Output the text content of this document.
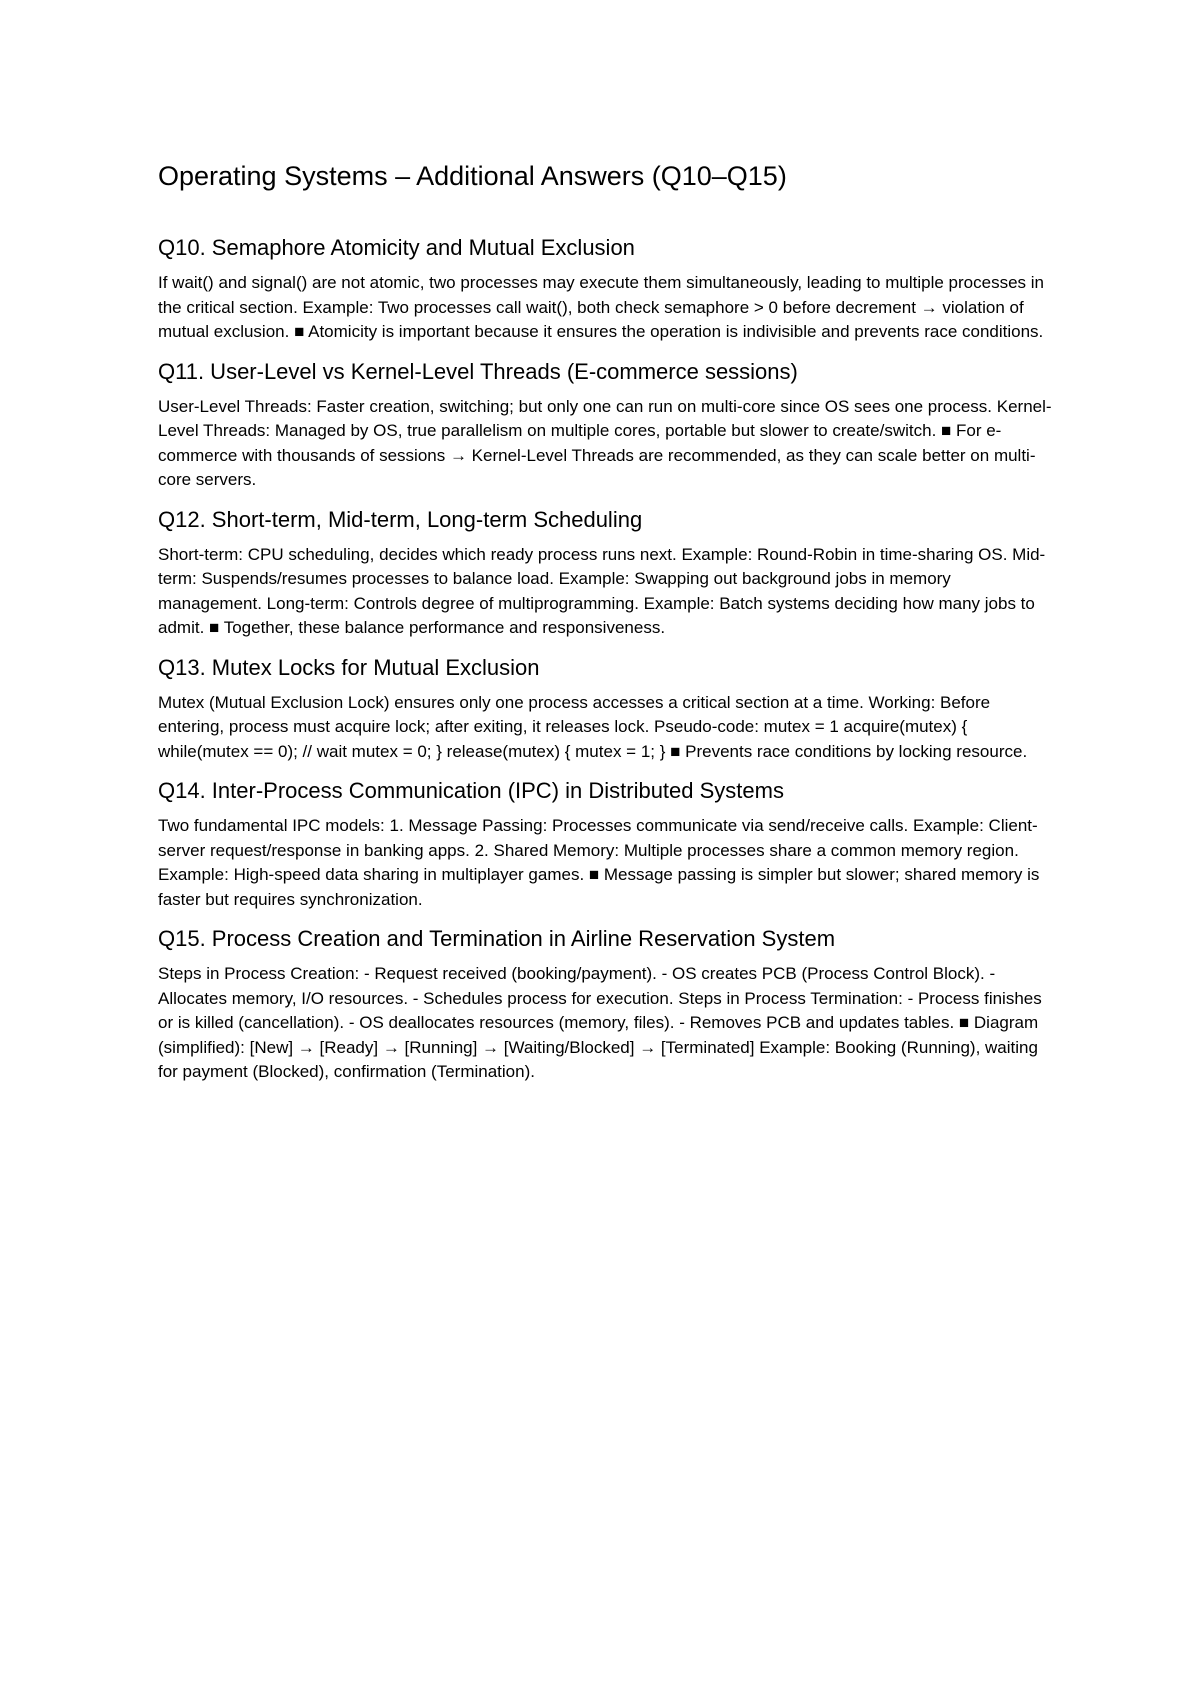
Operating Systems – Additional Answers (Q10–Q15)
Q10. Semaphore Atomicity and Mutual Exclusion

If wait() and signal() are not atomic, two processes may execute them simultaneously, leading to multiple processes in the critical section. Example: Two processes call wait(), both check semaphore > 0 before decrement → violation of mutual exclusion. ■ Atomicity is important because it ensures the operation is indivisible and prevents race conditions.

Q11. User-Level vs Kernel-Level Threads (E-commerce sessions)

User-Level Threads: Faster creation, switching; but only one can run on multi-core since OS sees one process. Kernel-Level Threads: Managed by OS, true parallelism on multiple cores, portable but slower to create/switch. ■ For e-commerce with thousands of sessions → Kernel-Level Threads are recommended, as they can scale better on multi-core servers.

Q12. Short-term, Mid-term, Long-term Scheduling

Short-term: CPU scheduling, decides which ready process runs next. Example: Round-Robin in time-sharing OS. Mid-term: Suspends/resumes processes to balance load. Example: Swapping out background jobs in memory management. Long-term: Controls degree of multiprogramming. Example: Batch systems deciding how many jobs to admit. ■ Together, these balance performance and responsiveness.

Q13. Mutex Locks for Mutual Exclusion

Mutex (Mutual Exclusion Lock) ensures only one process accesses a critical section at a time. Working: Before entering, process must acquire lock; after exiting, it releases lock. Pseudo-code: mutex = 1 acquire(mutex) { while(mutex == 0); // wait mutex = 0; } release(mutex) { mutex = 1; } ■ Prevents race conditions by locking resource.

Q14. Inter-Process Communication (IPC) in Distributed Systems

Two fundamental IPC models: 1. Message Passing: Processes communicate via send/receive calls. Example: Client-server request/response in banking apps. 2. Shared Memory: Multiple processes share a common memory region. Example: High-speed data sharing in multiplayer games. ■ Message passing is simpler but slower; shared memory is faster but requires synchronization.

Q15. Process Creation and Termination in Airline Reservation System

Steps in Process Creation: - Request received (booking/payment). - OS creates PCB (Process Control Block). - Allocates memory, I/O resources. - Schedules process for execution. Steps in Process Termination: - Process finishes or is killed (cancellation). - OS deallocates resources (memory, files). - Removes PCB and updates tables. ■ Diagram (simplified): [New] → [Ready] → [Running] → [Waiting/Blocked] → [Terminated] Example: Booking (Running), waiting for payment (Blocked), confirmation (Termination).
